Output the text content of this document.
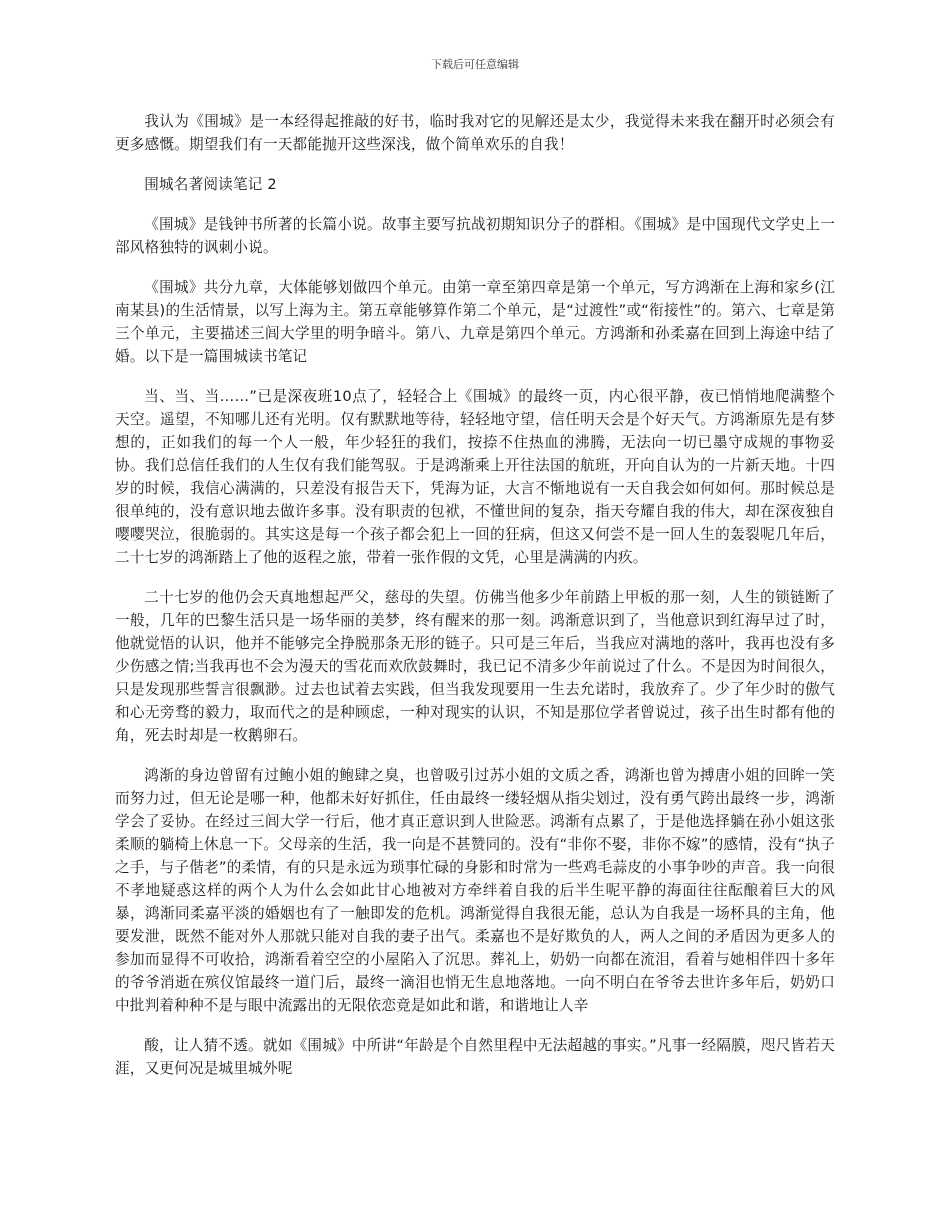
下载后可任意编辑

我认为《围城》是一本经得起推敲的好书，临时我对它的见解还是太少，我觉得未来我在翻开时必须会有更多感慨。期望我们有一天都能抛开这些深浅，做个简单欢乐的自我！

围城名著阅读笔记 2

《围城》是钱钟书所著的长篇小说。故事主要写抗战初期知识分子的群相。《围城》是中国现代文学史上一部风格独特的讽刺小说。

《围城》共分九章，大体能够划做四个单元。由第一章至第四章是第一个单元，写方鸿渐在上海和家乡(江南某县)的生活情景，以写上海为主。第五章能够算作第二个单元，是“过渡性”或“衔接性”的。第六、七章是第三个单元，主要描述三闾大学里的明争暗斗。第八、九章是第四个单元。方鸿渐和孙柔嘉在回到上海途中结了婚。以下是一篇围城读书笔记

当、当、当……”已是深夜班10点了，轻轻合上《围城》的最终一页，内心很平静，夜已悄悄地爬满整个天空。遥望，不知哪儿还有光明。仅有默默地等待，轻轻地守望，信任明天会是个好天气。方鸿渐原先是有梦想的，正如我们的每一个人一般，年少轻狂的我们，按捺不住热血的沸腾，无法向一切已墨守成规的事物妥协。我们总信任我们的人生仅有我们能驾驭。于是鸿渐乘上开往法国的航班，开向自认为的一片新天地。十四岁的时候，我信心满满的，只差没有报告天下，凭海为证，大言不惭地说有一天自我会如何如何。那时候总是很单纯的，没有意识地去做许多事。没有职责的包袱，不懂世间的复杂，指天夸耀自我的伟大，却在深夜独自嘤嘤哭泣，很脆弱的。其实这是每一个孩子都会犯上一回的狂病，但这又何尝不是一回人生的轰裂呢几年后，二十七岁的鸿渐踏上了他的返程之旅，带着一张作假的文凭，心里是满满的内疚。

二十七岁的他仍会天真地想起严父，慈母的失望。仿佛当他多少年前踏上甲板的那一刻，人生的锁链断了一般，几年的巴黎生活只是一场华丽的美梦，终有醒来的那一刻。鸿渐意识到了，当他意识到红海早过了时，他就觉悟的认识，他并不能够完全挣脱那条无形的链子。只可是三年后，当我应对满地的落叶，我再也没有多少伤感之情;当我再也不会为漫天的雪花而欢欣鼓舞时，我已记不清多少年前说过了什么。不是因为时间很久，只是发现那些誓言很飘渺。过去也试着去实践，但当我发现要用一生去允诺时，我放弃了。少了年少时的傲气和心无旁骛的毅力，取而代之的是种顾虑，一种对现实的认识，不知是那位学者曾说过，孩子出生时都有他的角，死去时却是一枚鹅卵石。

鸿渐的身边曾留有过鲍小姐的鲍肆之臭，也曾吸引过苏小姐的文质之香，鸿渐也曾为搏唐小姐的回眸一笑而努力过，但无论是哪一种，他都未好好抓住，任由最终一缕轻烟从指尖划过，没有勇气跨出最终一步，鸿渐学会了妥协。在经过三闾大学一行后，他才真正意识到人世险恶。鸿渐有点累了，于是他选择躺在孙小姐这张柔顺的躺椅上休息一下。父母亲的生活，我一向是不甚赞同的。没有“非你不娶，非你不嫁”的感情，没有“执子之手，与子偕老”的柔情，有的只是永远为琐事忙碌的身影和时常为一些鸡毛蒜皮的小事争吵的声音。我一向很不孝地疑惑这样的两个人为什么会如此甘心地被对方牵绊着自我的后半生呢平静的海面往往酝酿着巨大的风暴，鸿渐同柔嘉平淡的婚姻也有了一触即发的危机。鸿渐觉得自我很无能，总认为自我是一场杯具的主角，他要发泄，既然不能对外人那就只能对自我的妻子出气。柔嘉也不是好欺负的人，两人之间的矛盾因为更多人的参加而显得不可收拾，鸿渐看着空空的小屋陷入了沉思。葬礼上，奶奶一向都在流泪，看着与她相伴四十多年的爷爷消逝在殡仪馆最终一道门后，最终一滴泪也悄无生息地落地。一向不明白在爷爷去世许多年后，奶奶口中批判着种种不是与眼中流露出的无限依恋竟是如此和谐，和谐地让人辛

酸，让人猜不透。就如《围城》中所讲“年龄是个自然里程中无法超越的事实。”凡事一经隔膜，咫尺皆若天涯，又更何况是城里城外呢
